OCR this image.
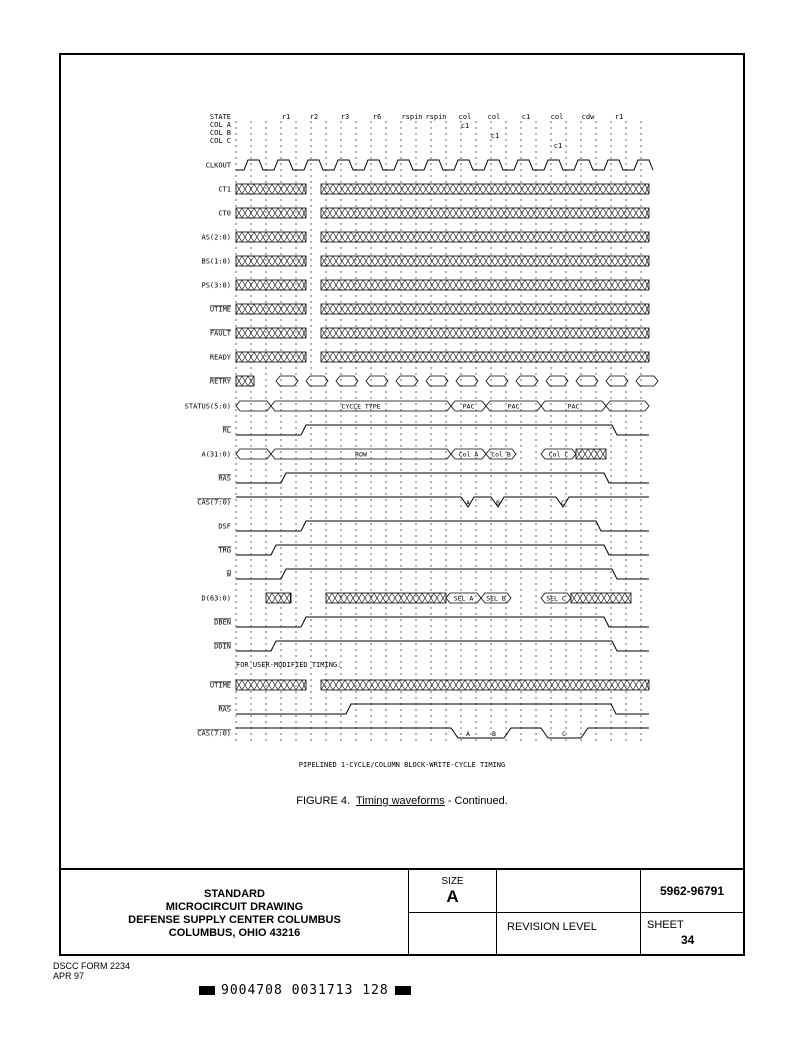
STATE	r1	r2	r3	r6	rspin rspin col col	c1	col	cdw	r1
COL A
COL B
COL C
c1
c1
c1
CLKOUT
CT1
CT0
AS(2:0)
BS(1:0)
PS(3:0)
UTIME
FAULT
READY
RETRY
STATUS(5:0)	CYCLE TYPE	PAC	PAC	PAC
RL
A(31:0)	ROW	Col A Col B	Col C
RAS
CAS(7:0)	A	B	C
DSF
TRG
W
D(63:0)	SEL A SEL B	SEL C
DBEN
DDIN
FOR USER-MODIFIED TIMING:
UTIME
RAS
CAS(7:0)	A	B	C
PIPELINED 1-CYCLE/COLUMN BLOCK-WRITE-CYCLE TIMING
FIGURE 4. Timing waveforms - Continued.
STANDARD
MICROCIRCUIT DRAWING
DEFENSE SUPPLY CENTER COLUMBUS
COLUMBUS, OHIO 43216
SIZE
A	5962-96791
REVISION LEVEL	SHEET
34
DSCC FORM 2234
APR 97
9004708 0031713 128
